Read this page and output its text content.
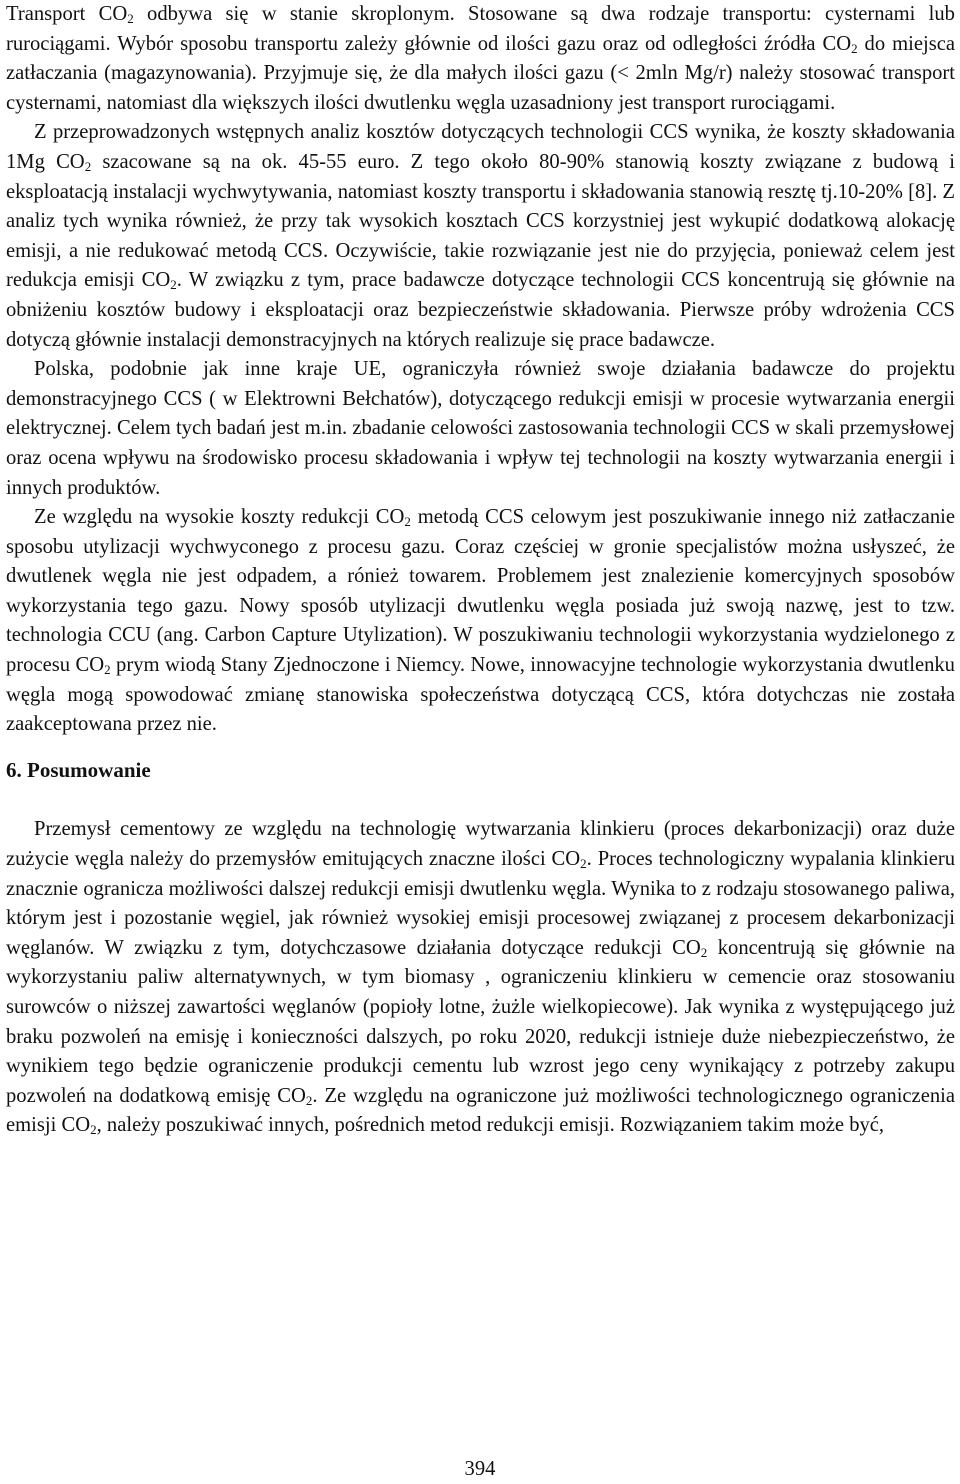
Transport $CO_2$ odbywa się w stanie skroplonym. Stosowane są dwa rodzaje transportu: cysternami lub rurociągami. Wybór sposobu transportu zależy głównie od ilości gazu oraz od odległości źródła $CO_2$ do miejsca zatłaczania (magazynowania). Przyjmuje się, że dla małych ilości gazu (< 2mln Mg/r) należy stosować transport cysternami, natomiast dla większych ilości dwutlenku węgla uzasadniony jest transport rurociągami.

Z przeprowadzonych wstępnych analiz kosztów dotyczących technologii CCS wynika, że koszty składowania 1Mg $CO_2$ szacowane są na ok. 45-55 euro. Z tego około 80-90% stanowią koszty związane z budową i eksploatacją instalacji wychwytywania, natomiast koszty transportu i składowania stanowią resztę tj.10-20% [8]. Z analiz tych wynika również, że przy tak wysokich kosztach CCS korzystniej jest wykupić dodatkową alokację emisji, a nie redukować metodą CCS. Oczywiście, takie rozwiązanie jest nie do przyjęcia, ponieważ celem jest redukcja emisji $CO_2$. W związku z tym, prace badawcze dotyczące technologii CCS koncentrują się głównie na obniżeniu kosztów budowy i eksploatacji oraz bezpieczeństwie składowania. Pierwsze próby wdrożenia CCS dotyczą głównie instalacji demonstracyjnych na których realizuje się prace badawcze.

Polska, podobnie jak inne kraje UE, ograniczyła również swoje działania badawcze do projektu demonstracyjnego CCS ( w Elektrowni Bełchatów), dotyczącego redukcji emisji w procesie wytwarzania energii elektrycznej. Celem tych badań jest m.in. zbadanie celowości zastosowania technologii CCS w skali przemysłowej oraz ocena wpływu na środowisko procesu składowania i wpływ tej technologii na koszty wytwarzania energii i innych produktów.

Ze względu na wysokie koszty redukcji $CO_2$ metodą CCS celowym jest poszukiwanie innego niż zatłaczanie sposobu utylizacji wychwyconego z procesu gazu. Coraz częściej w gronie specjalistów można usłyszeć, że dwutlenek węgla nie jest odpadem, a rónież towarem. Problemem jest znalezienie komercyjnych sposobów wykorzystania tego gazu. Nowy sposób utylizacji dwutlenku węgla posiada już swoją nazwę, jest to tzw. technologia CCU (ang. Carbon Capture Utylization). W poszukiwaniu technologii wykorzystania wydzielonego z procesu $CO_2$ prym wiodą Stany Zjednoczone i Niemcy. Nowe, innowacyjne technologie wykorzystania dwutlenku węgla mogą spowodować zmianę stanowiska społeczeństwa dotyczącą CCS, która dotychczas nie została zaakceptowana przez nie.

6. Posumowanie

Przemysł cementowy ze względu na technologię wytwarzania klinkieru (proces dekarbonizacji) oraz duże zużycie węgla należy do przemysłów emitujących znaczne ilości $CO_2$. Proces technologiczny wypalania klinkieru znacznie ogranicza możliwości dalszej redukcji emisji dwutlenku węgla. Wynika to z rodzaju stosowanego paliwa, którym jest i pozostanie węgiel, jak również wysokiej emisji procesowej związanej z procesem dekarbonizacji węglanów. W związku z tym, dotychczasowe działania dotyczące redukcji $CO_2$ koncentrują się głównie na wykorzystaniu paliw alternatywnych, w tym biomasy , ograniczeniu klinkieru w cemencie oraz stosowaniu surowców o niższej zawartości węglanów (popioły lotne, żużle wielkopiecowe). Jak wynika z występującego już braku pozwoleń na emisję i konieczności dalszych, po roku 2020, redukcji istnieje duże niebezpieczeństwo, że wynikiem tego będzie ograniczenie produkcji cementu lub wzrost jego ceny wynikający z potrzeby zakupu pozwoleń na dodatkową emisję $CO_2$. Ze względu na ograniczone już możliwości technologicznego ograniczenia emisji $CO_2$, należy poszukiwać innych, pośrednich metod redukcji emisji. Rozwiązaniem takim może być,

394
